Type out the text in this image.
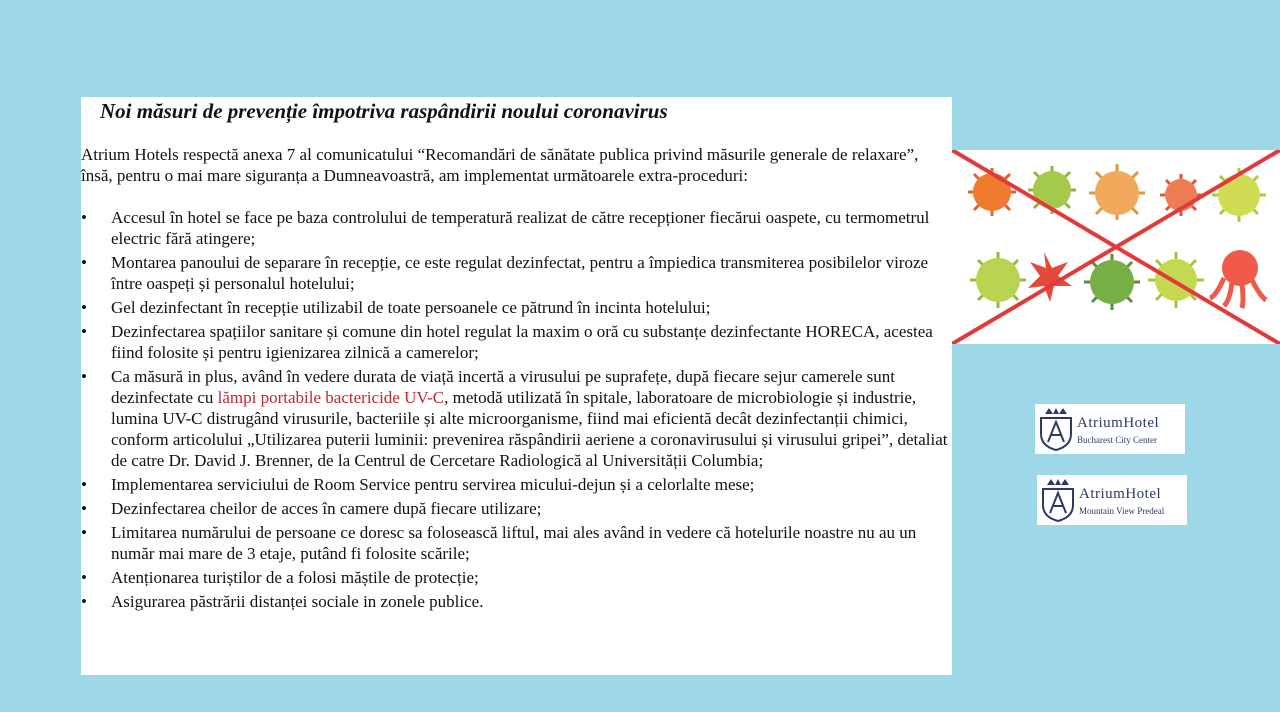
Noi măsuri de prevenție împotriva raspândirii noului coronavirus

Atrium Hotels respectă anexa 7 al comunicatului “Recomandări de sănătate publica privind măsurile generale de relaxare”, însă, pentru o mai mare siguranța a Dumneavoastră, am implementat următoarele extra-proceduri:

• Accesul în hotel se face pe baza controlului de temperatură realizat de către recepționer fiecărui oaspete, cu termometrul electric fără atingere;
• Montarea panoului de separare în recepție, ce este regulat dezinfectat, pentru a împiedica transmiterea posibilelor viroze între oaspeți și personalul hotelului;
• Gel dezinfectant în recepție utilizabil de toate persoanele ce pătrund în incinta hotelului;
• Dezinfectarea spațiilor sanitare și comune din hotel regulat la maxim o oră cu substanțe dezinfectante HORECA, acestea fiind folosite și pentru igienizarea zilnică a camerelor;
• Ca măsură in plus, având în vedere durata de viață incertă a virusului pe suprafețe, după fiecare sejur camerele sunt dezinfectate cu lămpi portabile bactericide UV-C, metodă utilizată în spitale, laboratoare de microbiologie și industrie, lumina UV-C distrugând virusurile, bacteriile și alte microorganisme, fiind mai eficientă decât dezinfectanții chimici, conform articolului „Utilizarea puterii luminii: prevenirea răspândirii aeriene a coronavirusului și virusului gripei”, detaliat de catre Dr. David J. Brenner, de la Centrul de Cercetare Radiologică al Universității Columbia;
• Implementarea serviciului de Room Service pentru servirea micului-dejun și a celorlalte mese;
• Dezinfectarea cheilor de acces în camere după fiecare utilizare;
• Limitarea numărului de persoane ce doresc sa folosească liftul, mai ales având in vedere că hotelurile noastre nu au un număr mai mare de 3 etaje, putând fi folosite scările;
• Atenționarea turiștilor de a folosi măștile de protecție;
• Asigurarea păstrării distanței sociale in zonele publice.
AtriumHotel
Bucharest City Center
AtriumHotel
Mountain View Predeal
